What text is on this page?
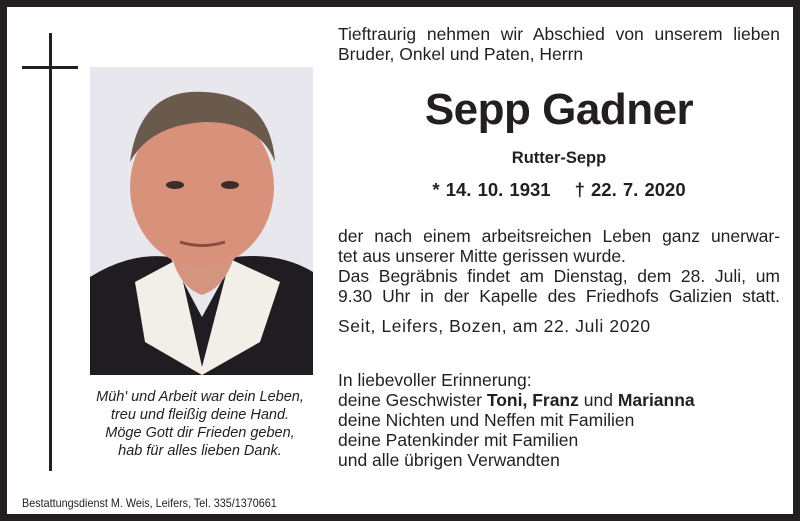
Müh' und Arbeit war dein Leben,
treu und fleißig deine Hand.
Möge Gott dir Frieden geben,
hab für alles lieben Dank.
Tieftraurig nehmen wir Abschied von unserem lieben
Bruder, Onkel und Paten, Herrn
Sepp Gadner
Rutter-Sepp
* 14. 10. 1931 † 22. 7. 2020
der nach einem arbeitsreichen Leben ganz unerwar-
tet aus unserer Mitte gerissen wurde.
Das Begräbnis findet am Dienstag, dem 28. Juli, um
9.30 Uhr in der Kapelle des Friedhofs Galizien statt.
Seit, Leifers, Bozen, am 22. Juli 2020
In liebevoller Erinnerung:
deine Geschwister Toni, Franz und Marianna
deine Nichten und Neffen mit Familien
deine Patenkinder mit Familien
und alle übrigen Verwandten
Bestattungsdienst M. Weis, Leifers, Tel. 335/1370661
